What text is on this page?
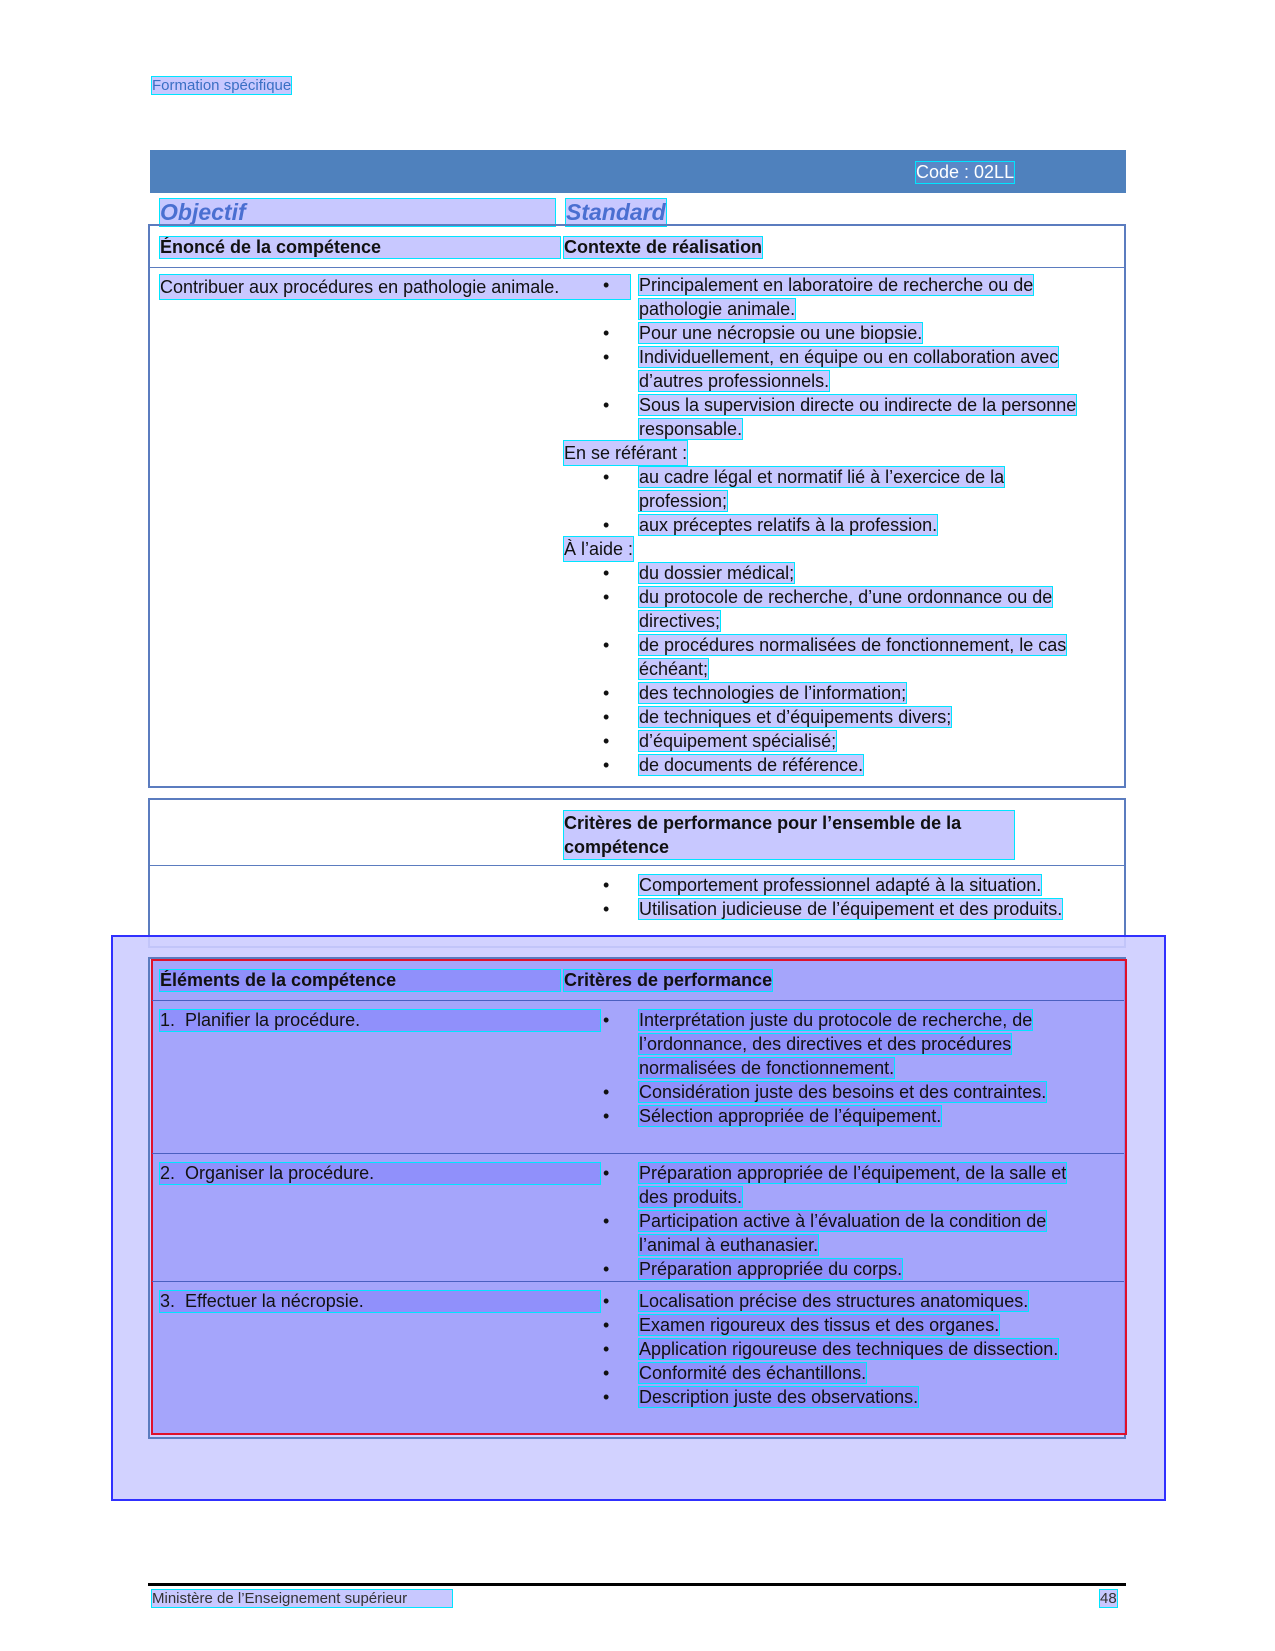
Formation spécifique
Code : 02LL
Objectif	Standard
Énoncé de la compétence	Contexte de réalisation
Contribuer aux procédures en pathologie animale.	• Principalement en laboratoire de recherche ou de pathologie animale.
• Pour une nécropsie ou une biopsie.
• Individuellement, en équipe ou en collaboration avec d’autres professionnels.
• Sous la supervision directe ou indirecte de la personne responsable.
En se référant :
• au cadre légal et normatif lié à l’exercice de la profession;
• aux préceptes relatifs à la profession.
À l’aide :
• du dossier médical;
• du protocole de recherche, d’une ordonnance ou de directives;
• de procédures normalisées de fonctionnement, le cas échéant;
• des technologies de l’information;
• de techniques et d’équipements divers;
• d’équipement spécialisé;
• de documents de référence.
Critères de performance pour l’ensemble de la compétence
• Comportement professionnel adapté à la situation.
• Utilisation judicieuse de l’équipement et des produits.
Éléments de la compétence	Critères de performance
1. Planifier la procédure.	• Interprétation juste du protocole de recherche, de l’ordonnance, des directives et des procédures normalisées de fonctionnement.
• Considération juste des besoins et des contraintes.
• Sélection appropriée de l’équipement.
2. Organiser la procédure.	• Préparation appropriée de l’équipement, de la salle et des produits.
• Participation active à l’évaluation de la condition de l’animal à euthanasier.
• Préparation appropriée du corps.
3. Effectuer la nécropsie.	• Localisation précise des structures anatomiques.
• Examen rigoureux des tissus et des organes.
• Application rigoureuse des techniques de dissection.
• Conformité des échantillons.
• Description juste des observations.
Ministère de l’Enseignement supérieur	48
